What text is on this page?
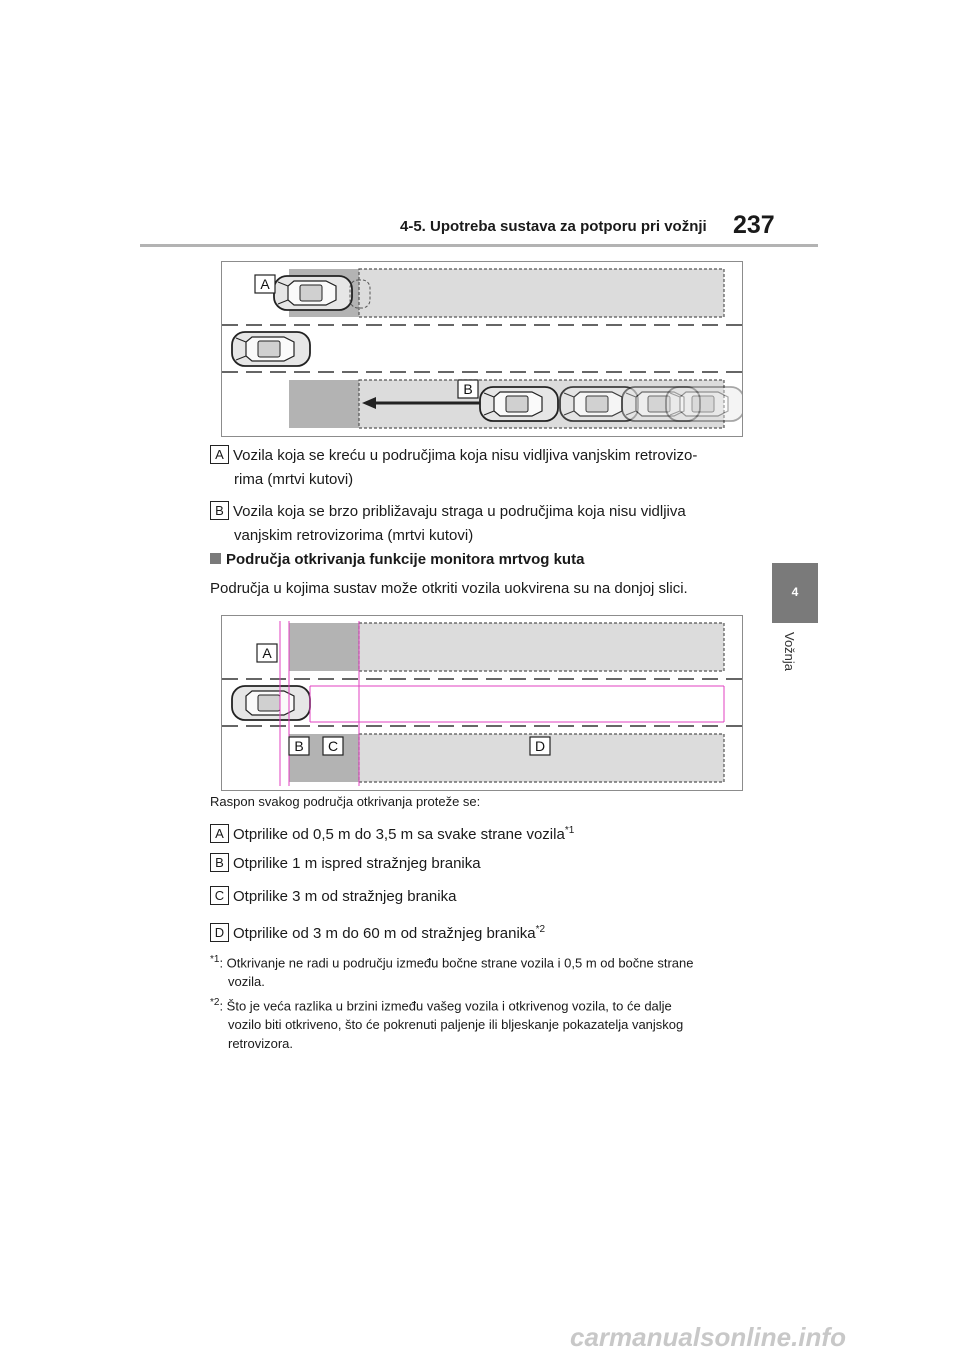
4-5. Upotreba sustava za potporu pri vožnji 237
4
Vožnja
A
B
A Vozila koja se kreću u područjima koja nisu vidljiva vanjskim retrovizo-
rima (mrtvi kutovi)
B Vozila koja se brzo približavaju straga u područjima koja nisu vidljiva
vanjskim retrovizorima (mrtvi kutovi)
Područja otkrivanja funkcije monitora mrtvog kuta
Područja u kojima sustav može otkriti vozila uokvirena su na donjoj slici.
A
B C	D
Raspon svakog područja otkrivanja proteže se:
A Otprilike od 0,5 m do 3,5 m sa svake strane vozila$^{*1}$
B Otprilike 1 m ispred stražnjeg branika
C Otprilike 3 m od stražnjeg branika
D Otprilike od 3 m do 60 m od stražnjeg branika$^{*2}$
$^{*1}$: Otkrivanje ne radi u području između bočne strane vozila i 0,5 m od bočne strane
vozila.
$^{*2}$: Što je veća razlika u brzini između vašeg vozila i otkrivenog vozila, to će dalje
vozilo biti otkriveno, što će pokrenuti paljenje ili bljeskanje pokazatelja vanjskog
retrovizora.
carmanualsonline.info
